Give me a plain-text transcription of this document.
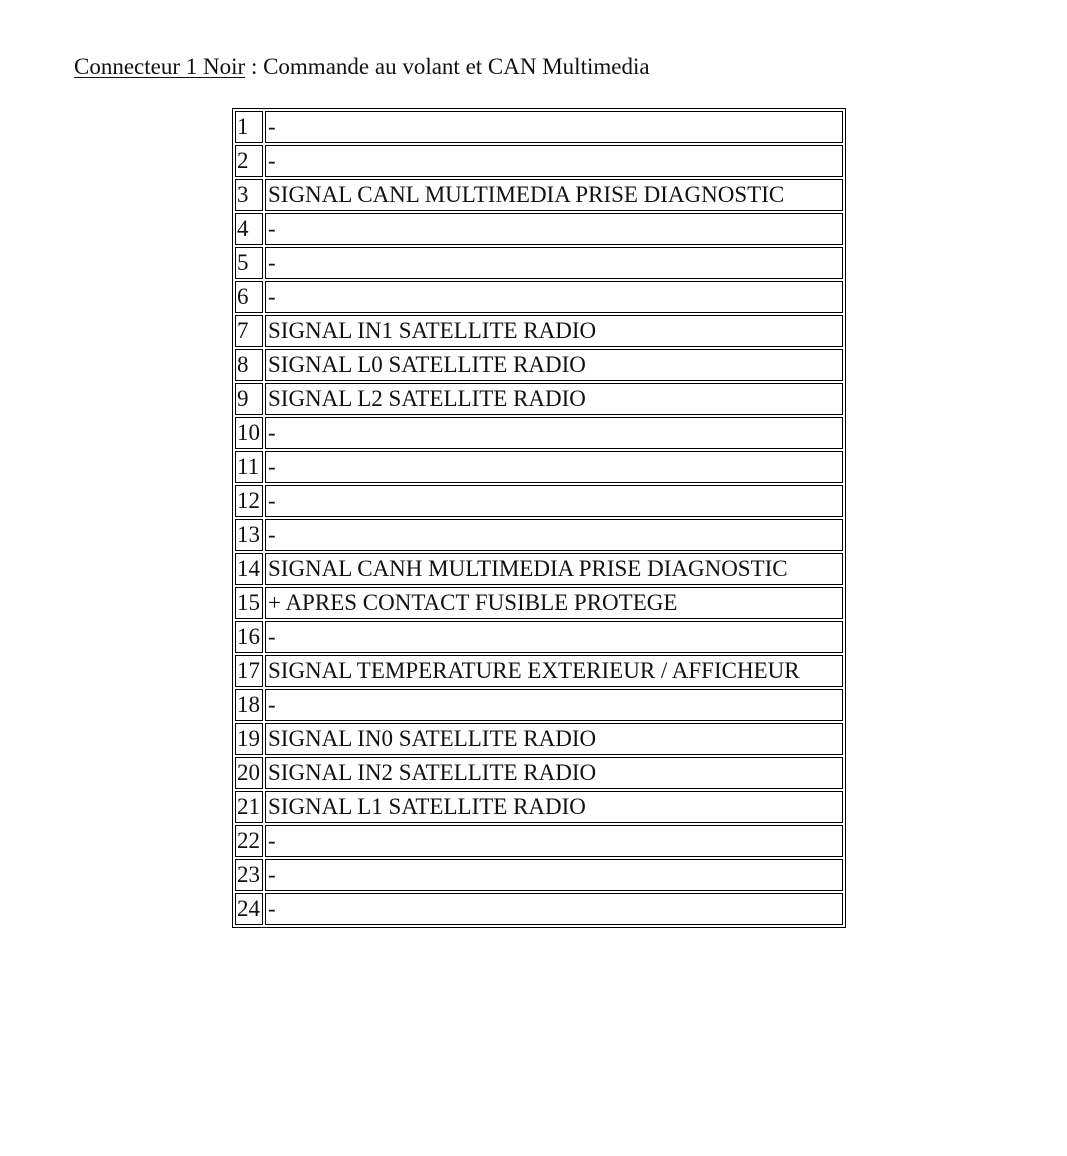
Connecteur 1 Noir : Commande au volant et CAN Multimedia
1	-
2	-
3	SIGNAL CANL MULTIMEDIA PRISE DIAGNOSTIC
4	-
5	-
6	-
7	SIGNAL IN1 SATELLITE RADIO
8	SIGNAL L0 SATELLITE RADIO
9	SIGNAL L2 SATELLITE RADIO
10	-
11	-
12	-
13	-
14	SIGNAL CANH MULTIMEDIA PRISE DIAGNOSTIC
15	+ APRES CONTACT FUSIBLE PROTEGE
16	-
17	SIGNAL TEMPERATURE EXTERIEUR / AFFICHEUR
18	-
19	SIGNAL IN0 SATELLITE RADIO
20	SIGNAL IN2 SATELLITE RADIO
21	SIGNAL L1 SATELLITE RADIO
22	-
23	-
24	-
